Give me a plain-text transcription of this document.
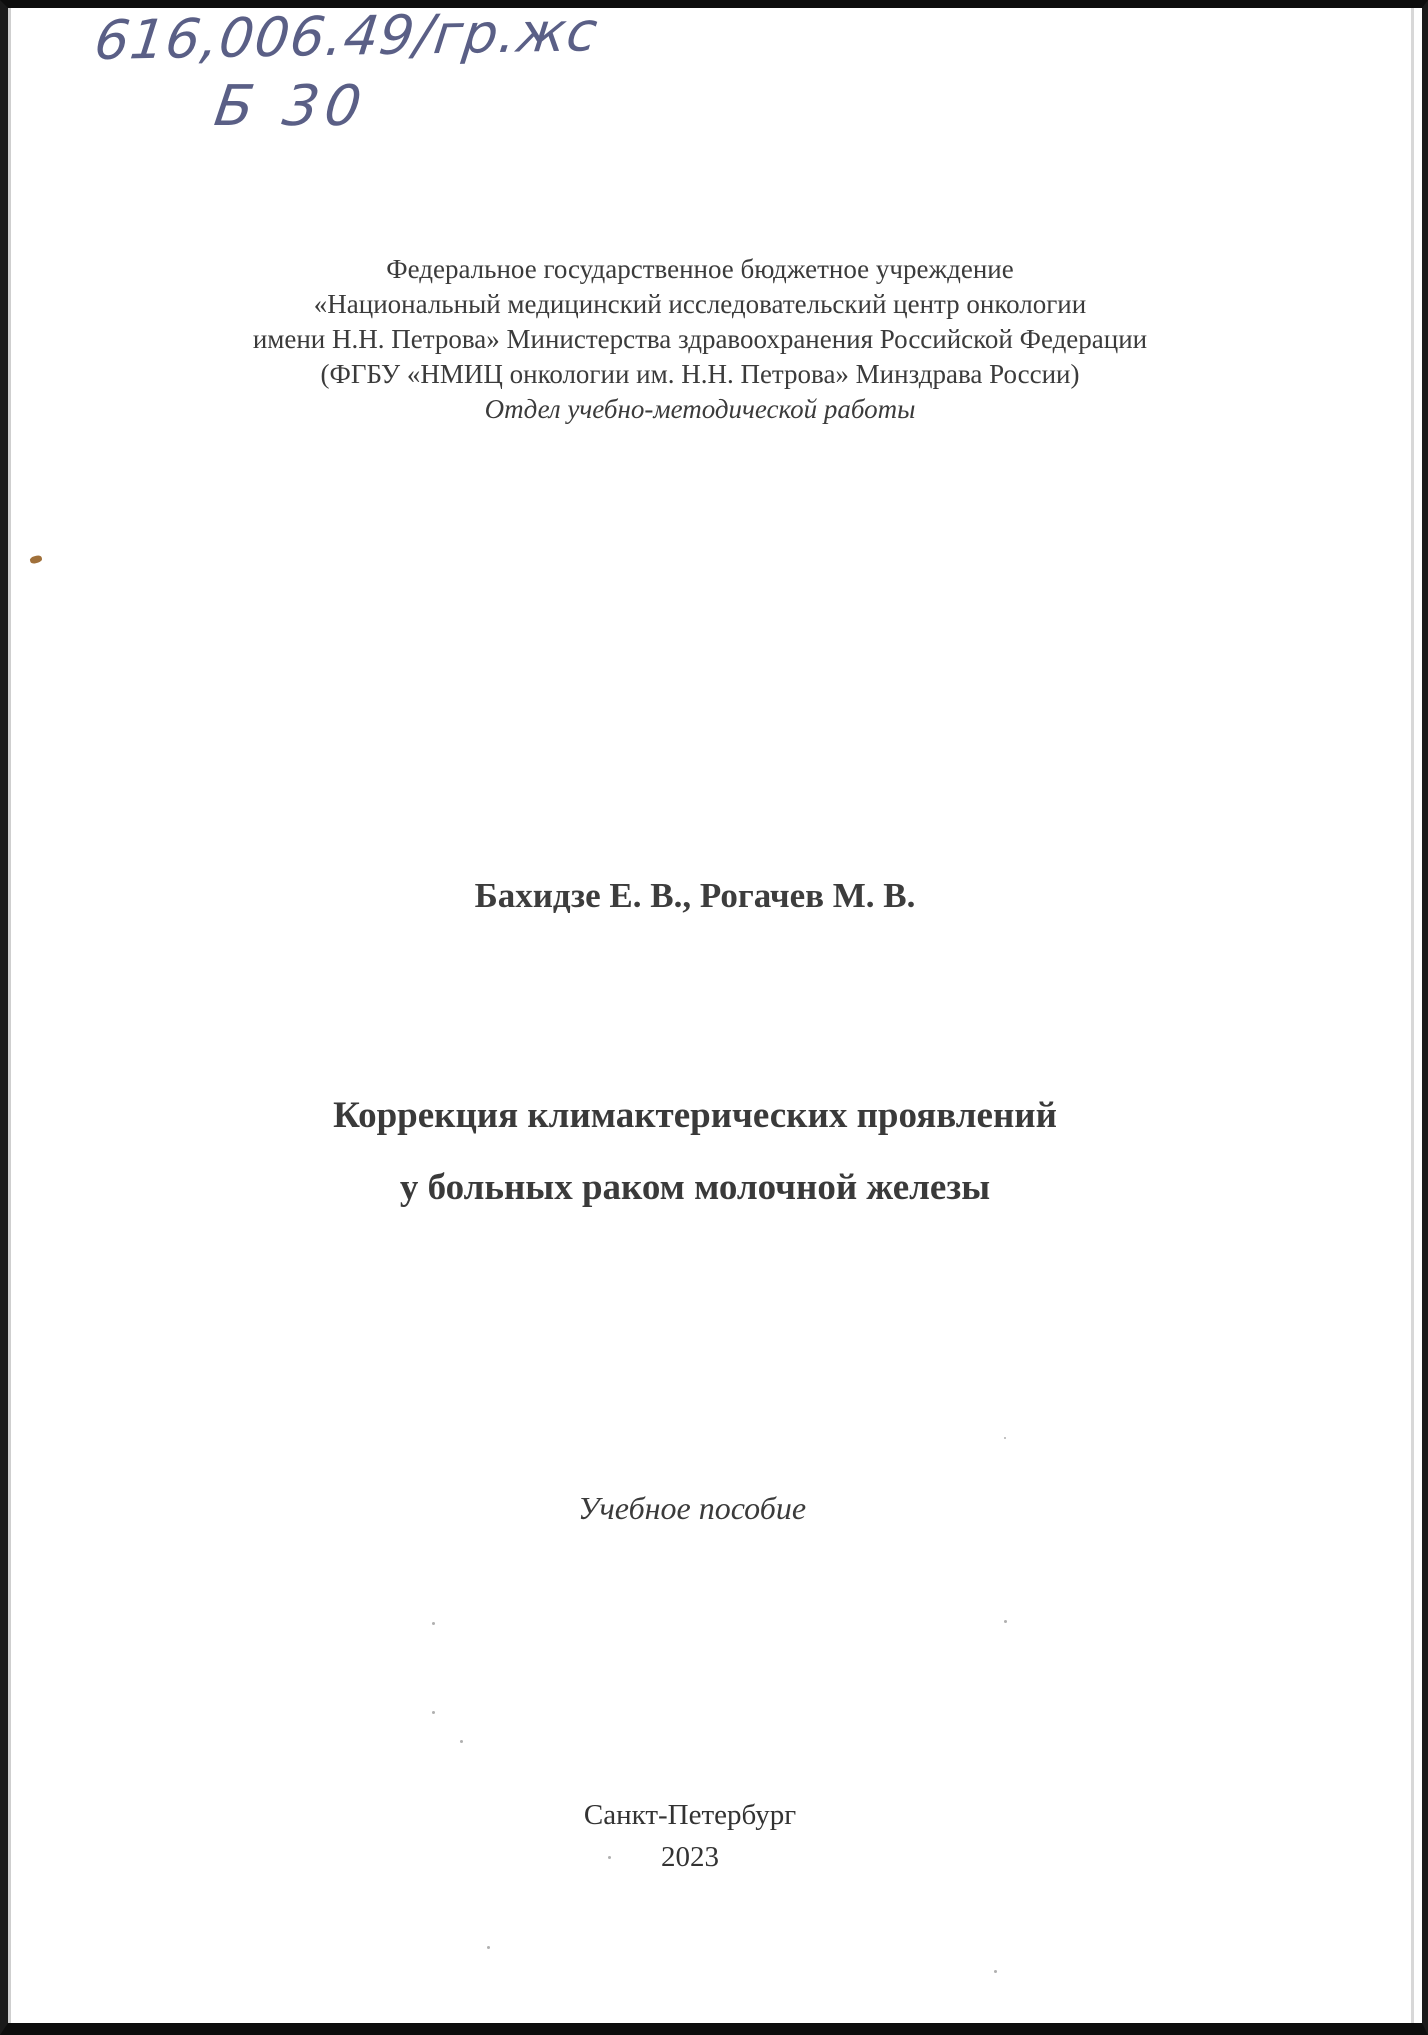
616,006.49/гр.жс
Б 30
Федеральное государственное бюджетное учреждение
«Национальный медицинский исследовательский центр онкологии
имени Н.Н. Петрова» Министерства здравоохранения Российской Федерации
(ФГБУ «НМИЦ онкологии им. Н.Н. Петрова» Минздрава России)
Отдел учебно-методической работы
Бахидзе Е. В., Рогачев М. В.
Коррекция климактерических проявлений
у больных раком молочной железы
Учебное пособие
Санкт-Петербург
2023
